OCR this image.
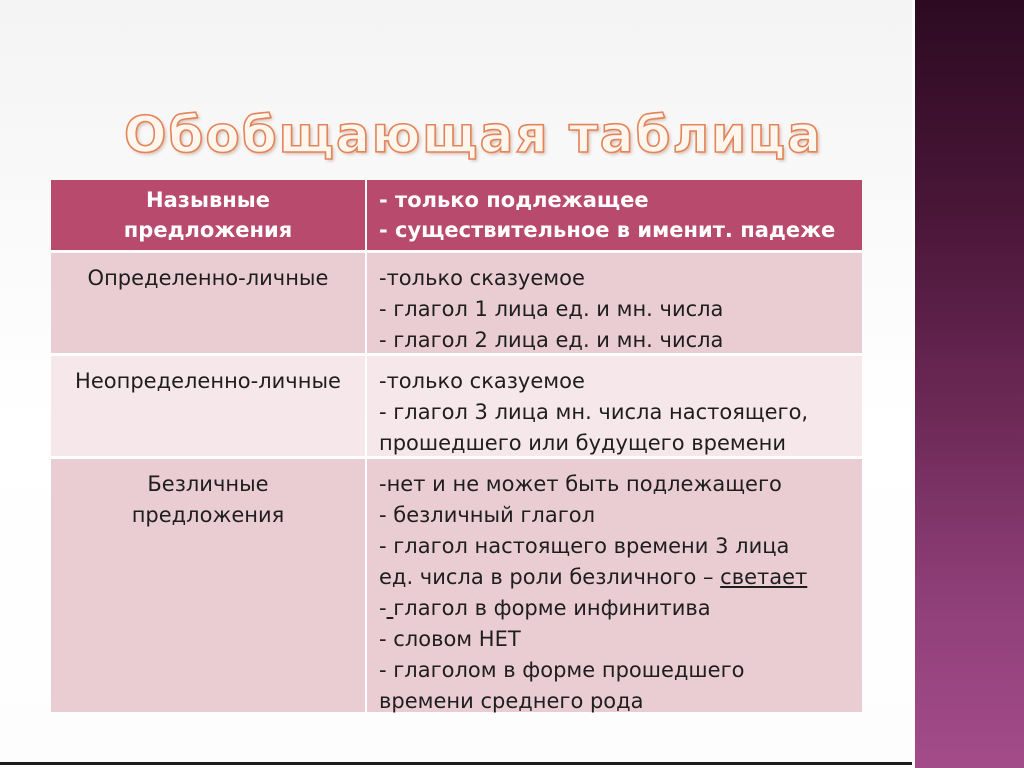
Обобщающая таблица
Назывные
предложения
- только подлежащее
- существительное в именит. падеже
Определенно-личные	-только сказуемое
- глагол 1 лица ед. и мн. числа
- глагол 2 лица ед. и мн. числа
Неопределенно-личные	-только сказуемое
- глагол 3 лица мн. числа настоящего,
прошедшего или будущего времени
Безличные
предложения
-нет и не может быть подлежащего
- безличный глагол
- глагол настоящего времени 3 лица
ед. числа в роли безличного – светает
- глагол в форме инфинитива
- словом НЕТ
- глаголом в форме прошедшего
времени среднего рода
